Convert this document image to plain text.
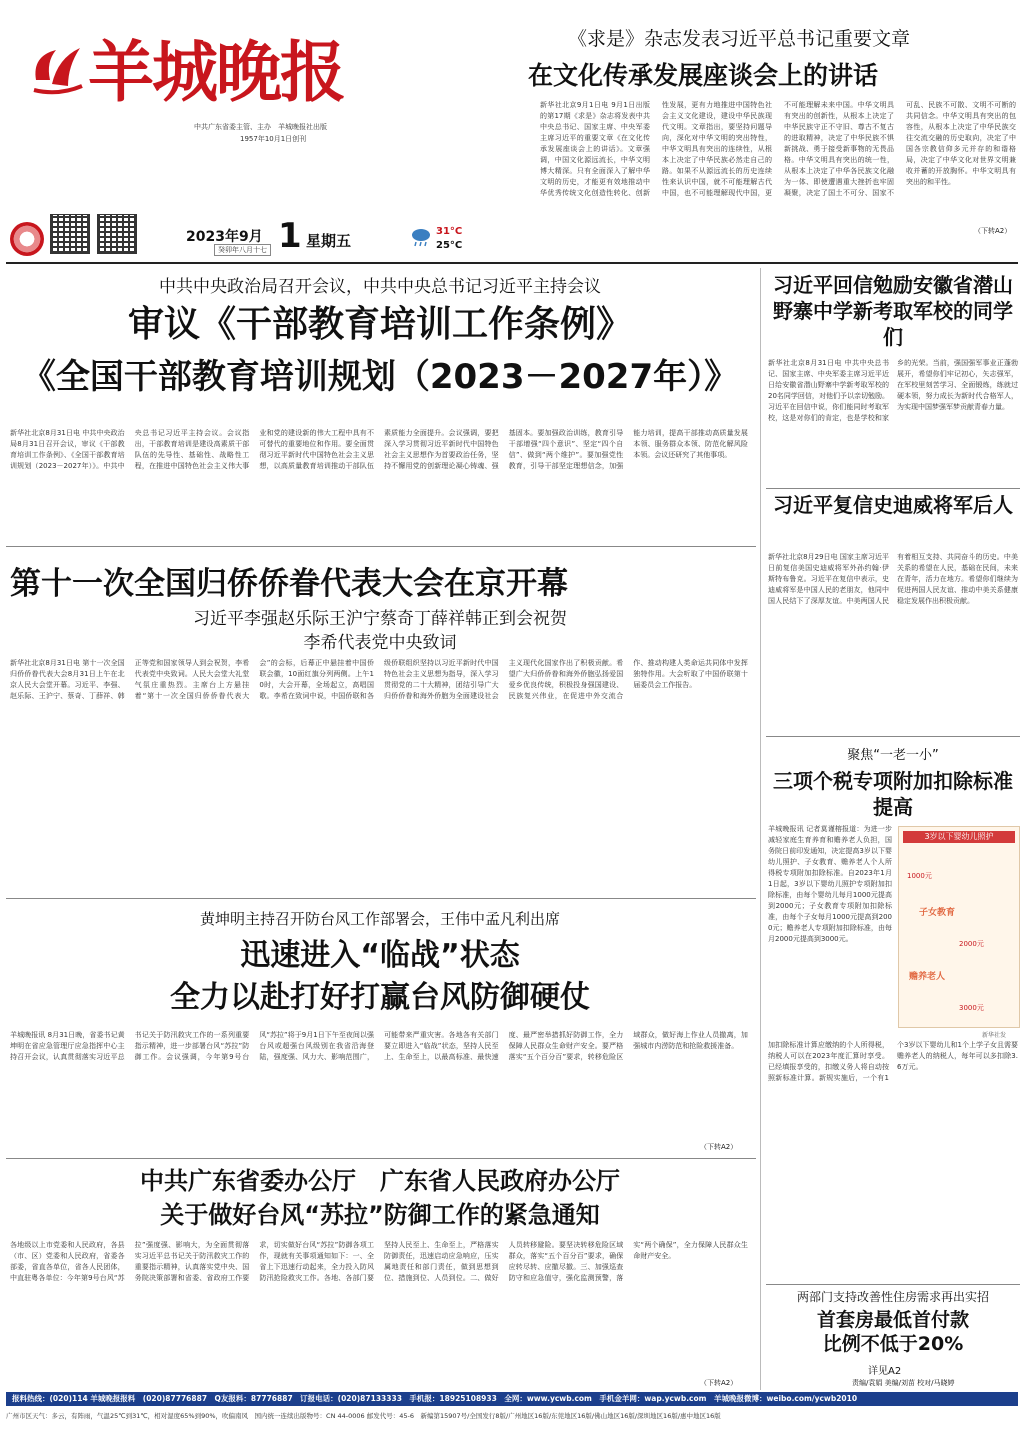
羊城晚报
中共广东省委主管、主办　羊城晚报社出版
1957年10月1日创刊
2023年9月
癸卯年八月十七 1 星期五
31°C
25°C
《求是》杂志发表习近平总书记重要文章
在文化传承发展座谈会上的讲话
新华社北京9月1日电 9月1日出版的第17期《求是》杂志将发表中共中央总书记、国家主席、中央军委主席习近平的重要文章《在文化传承发展座谈会上的讲话》。文章强调，中国文化源远流长，中华文明博大精深。只有全面深入了解中华文明的历史，才能更有效地推动中华优秀传统文化创造性转化、创新性发展，更有力地推进中国特色社会主义文化建设，建设中华民族现代文明。文章指出，要坚持问题导向，深化对中华文明的突出特性，中华文明具有突出的连续性，从根本上决定了中华民族必然走自己的路。如果不从源远流长的历史连续性来认识中国，就不可能理解古代中国，也不可能理解现代中国，更不可能理解未来中国。中华文明具有突出的创新性，从根本上决定了中华民族守正不守旧、尊古不复古的进取精神，决定了中华民族不惧新挑战、勇于接受新事物的无畏品格。中华文明具有突出的统一性，从根本上决定了中华各民族文化融为一体、即使遭遇重大挫折也牢固凝聚，决定了国土不可分、国家不可乱、民族不可散、文明不可断的共同信念。中华文明具有突出的包容性，从根本上决定了中华民族交往交流交融的历史取向，决定了中国各宗教信仰多元并存的和谐格局，决定了中华文化对世界文明兼收并蓄的开放胸怀。中华文明具有突出的和平性。
（下转A2）
中共中央政治局召开会议，中共中央总书记习近平主持会议
审议《干部教育培训工作条例》
《全国干部教育培训规划（2023－2027年）》
新华社北京8月31日电 中共中央政治局8月31日召开会议，审议《干部教育培训工作条例》、《全国干部教育培训规划（2023－2027年）》。中共中央总书记习近平主持会议。会议指出，干部教育培训是建设高素质干部队伍的先导性、基础性、战略性工程，在推进中国特色社会主义伟大事业和党的建设新的伟大工程中具有不可替代的重要地位和作用。要全面贯彻习近平新时代中国特色社会主义思想，以高质量教育培训推动干部队伍素质能力全面提升。会议强调，要把深入学习贯彻习近平新时代中国特色社会主义思想作为首要政治任务，坚持不懈用党的创新理论凝心铸魂、强基固本。要加强政治训练，教育引导干部增强“四个意识”、坚定“四个自信”、做到“两个维护”。要加强党性教育，引导干部坚定理想信念，加强能力培训，提高干部推动高质量发展本领、服务群众本领、防范化解风险本领。会议还研究了其他事项。
第十一次全国归侨侨眷代表大会在京开幕
习近平李强赵乐际王沪宁蔡奇丁薛祥韩正到会祝贺
李希代表党中央致词
新华社北京8月31日电 第十一次全国归侨侨眷代表大会8月31日上午在北京人民大会堂开幕。习近平、李强、赵乐际、王沪宁、蔡奇、丁薛祥、韩正等党和国家领导人到会祝贺，李希代表党中央致词。人民大会堂大礼堂气氛庄重热烈。主席台上方悬挂着“第十一次全国归侨侨眷代表大会”的会标，后幕正中悬挂着中国侨联会徽，10面红旗分列两侧。上午10时，大会开幕，全场起立，高唱国歌。李希在致词中说，中国侨联和各级侨联组织坚持以习近平新时代中国特色社会主义思想为指导，深入学习贯彻党的二十大精神，团结引导广大归侨侨眷和海外侨胞为全面建设社会主义现代化国家作出了积极贡献。希望广大归侨侨眷和海外侨胞弘扬爱国爱乡优良传统，积极投身强国建设、民族复兴伟业，在促进中外交流合作、推动构建人类命运共同体中发挥独特作用。大会听取了中国侨联第十届委员会工作报告。
黄坤明主持召开防台风工作部署会，王伟中孟凡利出席
迅速进入“临战”状态
全力以赴打好打赢台风防御硬仗
羊城晚报讯 8月31日晚，省委书记黄坤明在省应急管理厅应急指挥中心主持召开会议，认真贯彻落实习近平总书记关于防汛救灾工作的一系列重要指示精神，进一步部署台风“苏拉”防御工作。会议强调，今年第9号台风“苏拉”将于9月1日下午至夜间以强台风或超强台风级别在我省沿海登陆，强度强、风力大、影响范围广，可能带来严重灾害。各地各有关部门要立即进入“临战”状态，坚持人民至上、生命至上，以最高标准、最快速度、最严密举措抓好防御工作，全力保障人民群众生命财产安全。要严格落实“五个百分百”要求，转移危险区域群众，做好海上作业人员撤离，加强城市内涝防范和抢险救援准备。
（下转A2）
中共广东省委办公厅　广东省人民政府办公厅
关于做好台风“苏拉”防御工作的紧急通知
各地级以上市党委和人民政府，各县（市、区）党委和人民政府，省委各部委，省直各单位，省各人民团体，中直驻粤各单位：今年第9号台风“苏拉”强度强、影响大，为全面贯彻落实习近平总书记关于防汛救灾工作的重要指示精神，认真落实党中央、国务院决策部署和省委、省政府工作要求，切实做好台风“苏拉”防御各项工作，现就有关事项通知如下：一、全省上下迅速行动起来，全力投入防风防汛抢险救灾工作。各地、各部门要坚持人民至上、生命至上，严格落实防御责任，迅速启动应急响应，压实属地责任和部门责任，做到思想到位、措施到位、人员到位。二、做好人员转移避险。要坚决转移危险区域群众，落实“五个百分百”要求，确保应转尽转、应撤尽撤。三、加强巡查防守和应急值守，强化监测预警，落实“两个确保”，全力保障人民群众生命财产安全。
（下转A2）
习近平回信勉励安徽省潜山野寨中学新考取军校的同学们
新华社北京8月31日电 中共中央总书记、国家主席、中央军委主席习近平近日给安徽省潜山野寨中学新考取军校的20名同学回信，对他们予以亲切勉励。习近平在回信中说，你们能同时考取军校，这是对你们的肯定，也是学校和家乡的光荣。当前，强国强军事业正蓬勃展开，希望你们牢记初心，矢志强军，在军校里刻苦学习、全面锻炼，练就过硬本领，努力成长为新时代合格军人，为实现中国梦强军梦贡献青春力量。
习近平复信史迪威将军后人
新华社北京8月29日电 国家主席习近平日前复信美国史迪威将军外孙约翰·伊斯特布鲁克。习近平在复信中表示，史迪威将军是中国人民的老朋友，他同中国人民结下了深厚友谊。中美两国人民有着相互支持、共同奋斗的历史。中美关系的希望在人民，基础在民间，未来在青年，活力在地方。希望你们继续为促进两国人民友谊、推动中美关系健康稳定发展作出积极贡献。
聚焦“一老一小”
三项个税专项附加扣除标准提高
羊城晚报讯 记者莫谨榕报道：为进一步减轻家庭生育养育和赡养老人负担，国务院日前印发通知，决定提高3岁以下婴幼儿照护、子女教育、赡养老人个人所得税专项附加扣除标准。自2023年1月1日起，3岁以下婴幼儿照护专项附加扣除标准，由每个婴幼儿每月1000元提高到2000元；子女教育专项附加扣除标准，由每个子女每月1000元提高到2000元；赡养老人专项附加扣除标准，由每月2000元提高到3000元。
3岁以下婴幼儿照护
1000元
子女教育
2000元
赡养老人
3000元
新华社发
加扣除标准计算应缴纳的个人所得税，纳税人可以在2023年度汇算时享受。已经填报享受的，扣缴义务人将自动按照新标准计算。新规实施后，一个有1个3岁以下婴幼儿和1个上学子女且需要赡养老人的纳税人，每年可以多扣除3.6万元。
两部门支持改善性住房需求再出实招
首套房最低首付款
比例不低于20%
详见A2
责编/袁娟 美编/刘苗 校对/马晓婷
报料热线：(020)114 羊城晚报报料　(020)87776887　Q友报料：87776887　订报电话：(020)87133333　手机报：18925108933　全网：www.ycwb.com　手机金羊网：wap.ycwb.com　羊城晚报微博：weibo.com/ycwb2010
广州市区天气：多云，有阵雨，气温25℃到31℃，相对湿度65%到90%，吹偏南风　国内统一连续出版物号：CN 44-0006 邮发代号：45-6　新编第15907号/全国发行8版/广州地区16版/东莞地区16版/佛山地区16版/深圳地区16版/惠中地区16版
